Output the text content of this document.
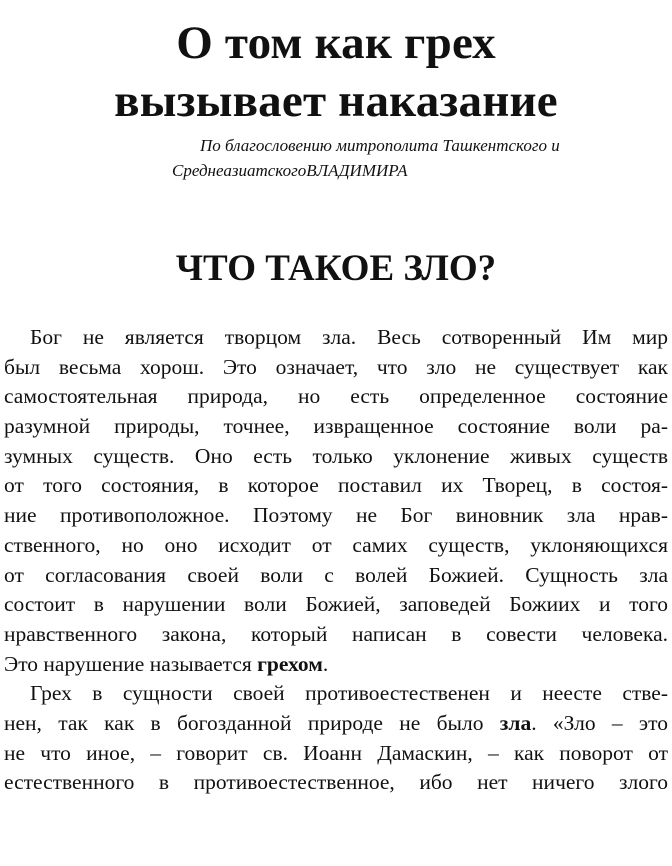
О том как грех
вызывает наказание
По благословению митрополита Ташкентского и
СреднеазиатскогоВЛАДИМИРА
ЧТО ТАКОЕ ЗЛО?
Бог не является творцом зла. Весь сотворенный Им мир
был весьма хорош. Это означает, что зло не существует как
самостоятельная природа, но есть определенное состояние
разумной природы, точнее, извращенное состояние воли ра-
зумных существ. Оно есть только уклонение живых существ
от того состояния, в которое поставил их Творец, в состоя-
ние противоположное. Поэтому не Бог виновник зла нрав-
ственного, но оно исходит от самих существ, уклоняющихся
от согласования своей воли с волей Божией. Сущность зла
состоит в нарушении воли Божией, заповедей Божиих и того
нравственного закона, который написан в совести человека.
Это нарушение называется грехом.
Грех в сущности своей противоестественен и неесте стве-
нен, так как в богозданной природе не было зла. «Зло – это
не что иное, – говорит св. Иоанн Дамаскин, – как поворот от
естественного в противоестественное, ибо нет ничего злого
